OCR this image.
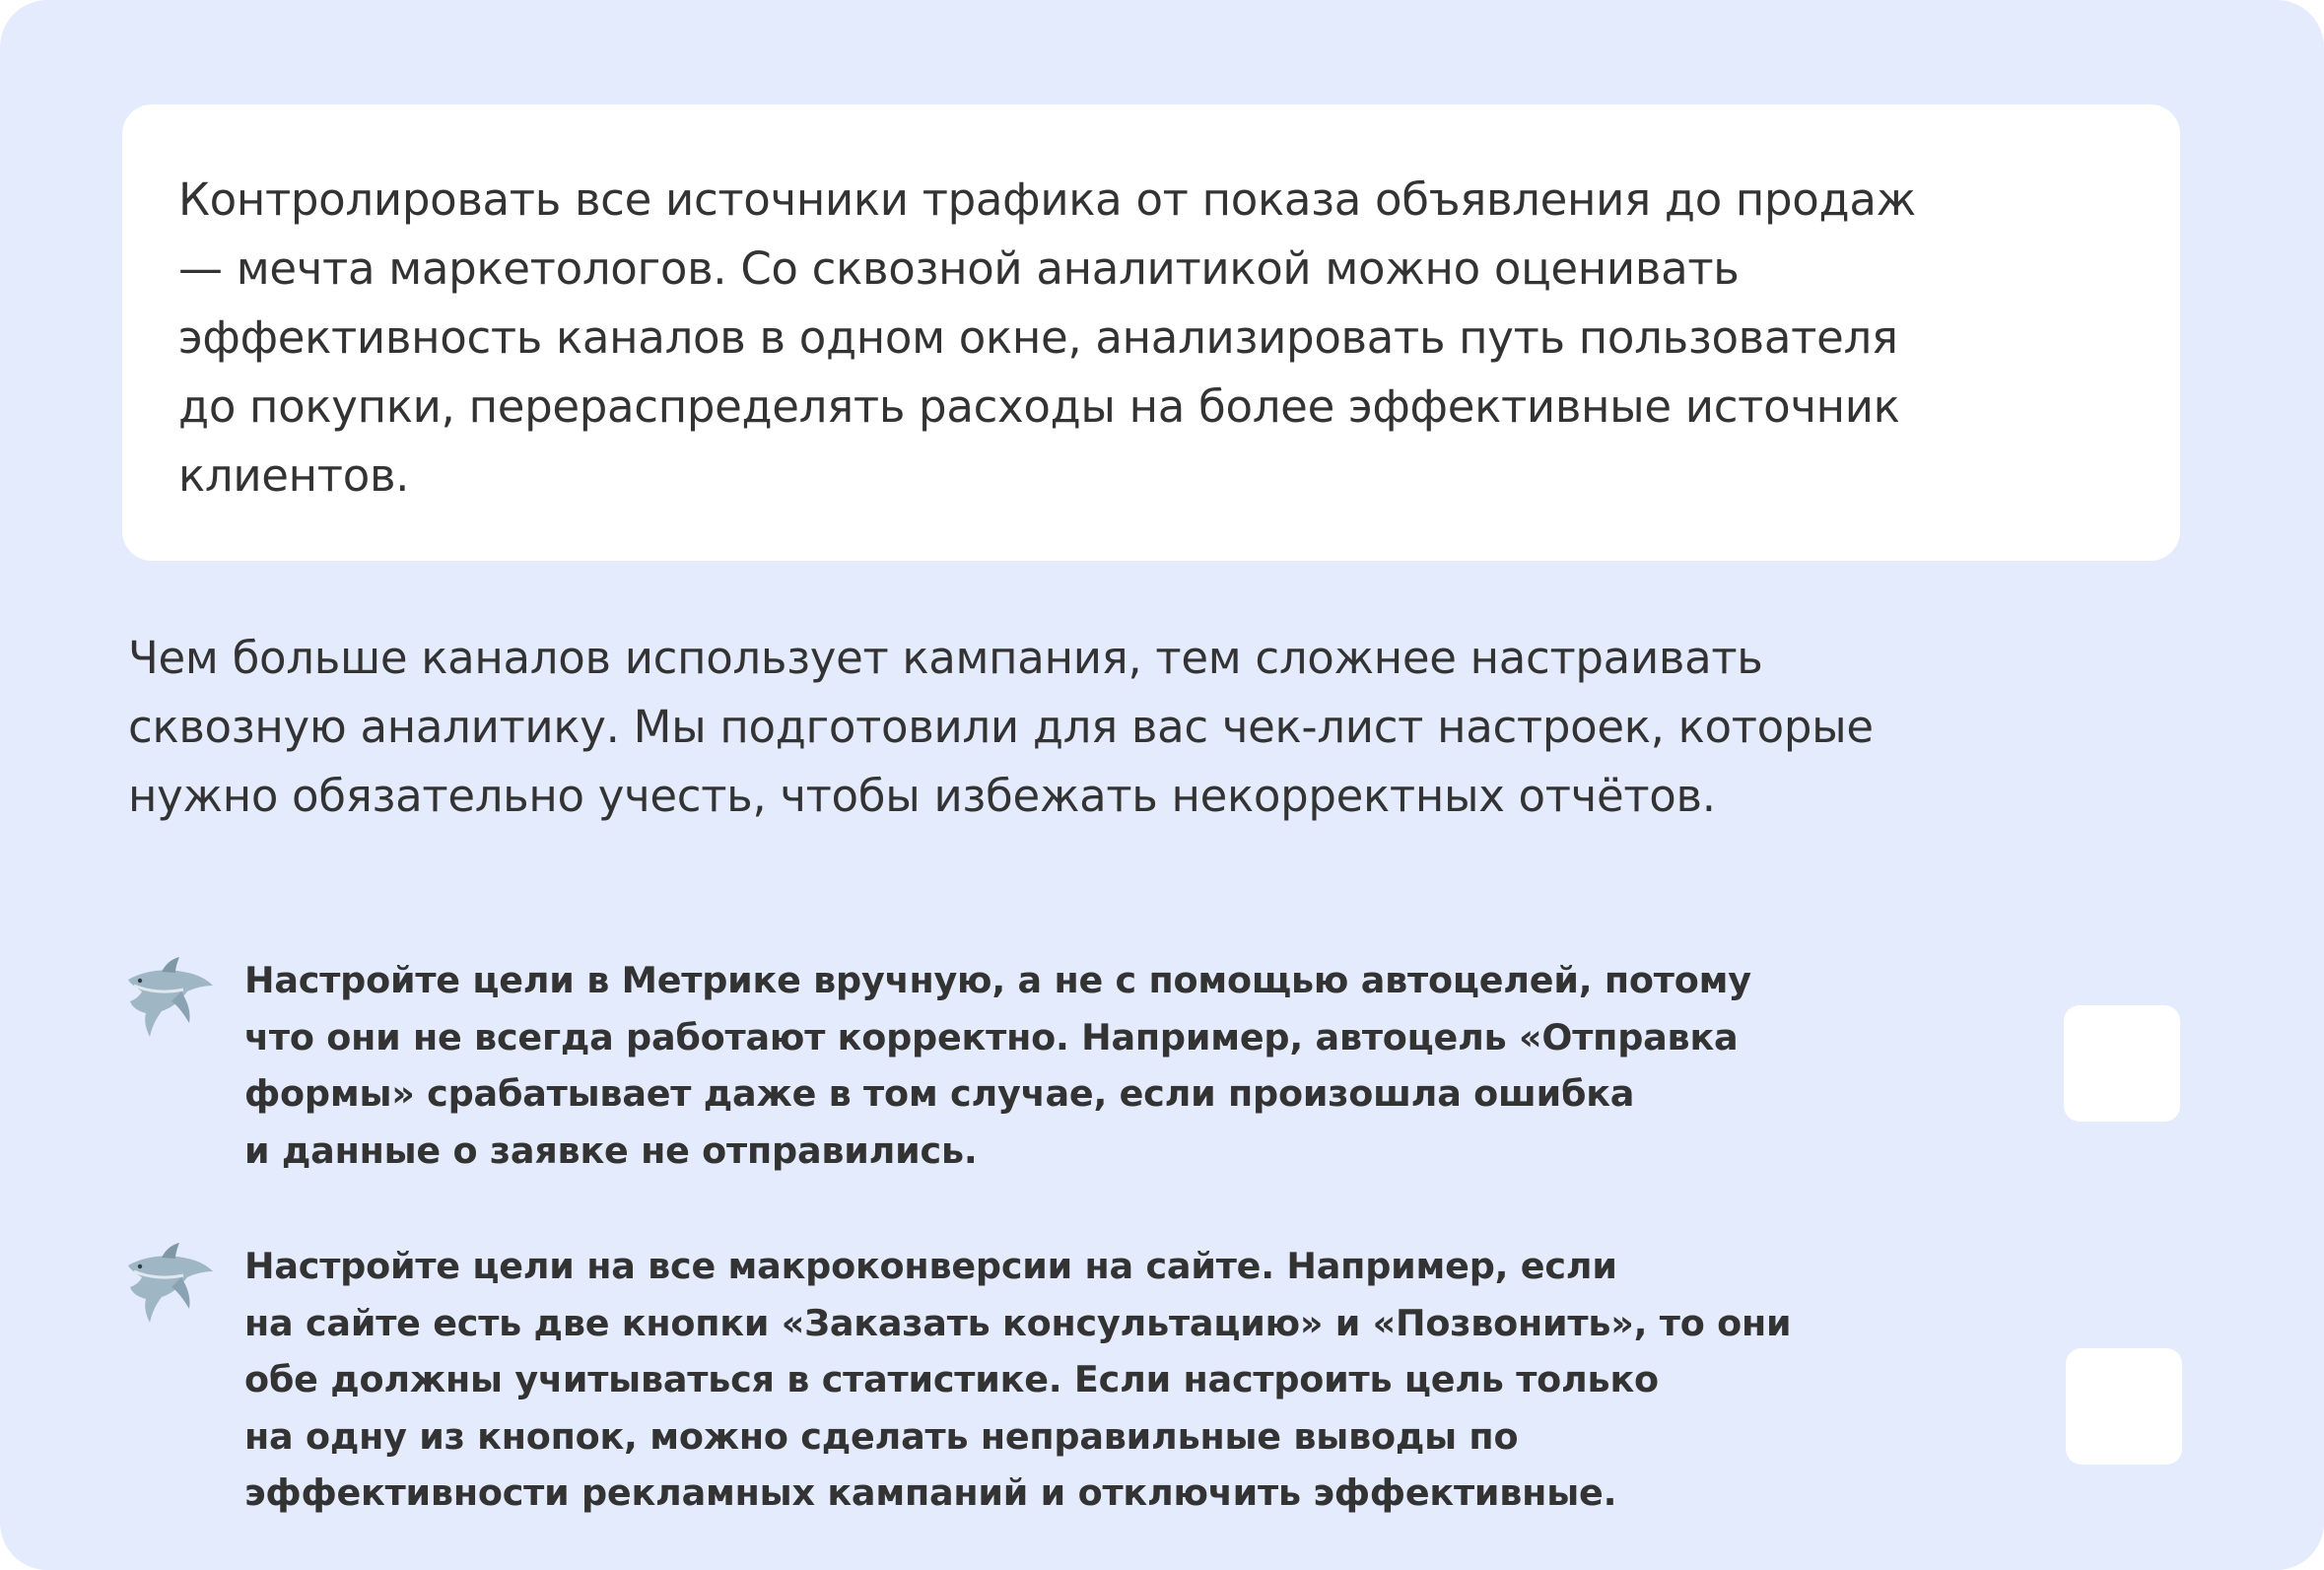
Контролировать все источники трафика от показа объявления до продаж
— мечта маркетологов. Со сквозной аналитикой можно оценивать
эффективность каналов в одном окне, анализировать путь пользователя
до покупки, перераспределять расходы на более эффективные источник
клиентов.

Чем больше каналов использует кампания, тем сложнее настраивать
сквозную аналитику. Мы подготовили для вас чек-лист настроек, которые
нужно обязательно учесть, чтобы избежать некорректных отчётов.

Настройте цели в Метрике вручную, а не с помощью автоцелей, потому
что они не всегда работают корректно. Например, автоцель «Отправка
формы» срабатывает даже в том случае, если произошла ошибка
и данные о заявке не отправились.

Настройте цели на все макроконверсии на сайте. Например, если
на сайте есть две кнопки «Заказать консультацию» и «Позвонить», то они
обе должны учитываться в статистике. Если настроить цель только
на одну из кнопок, можно сделать неправильные выводы по
эффективности рекламных кампаний и отключить эффективные.
